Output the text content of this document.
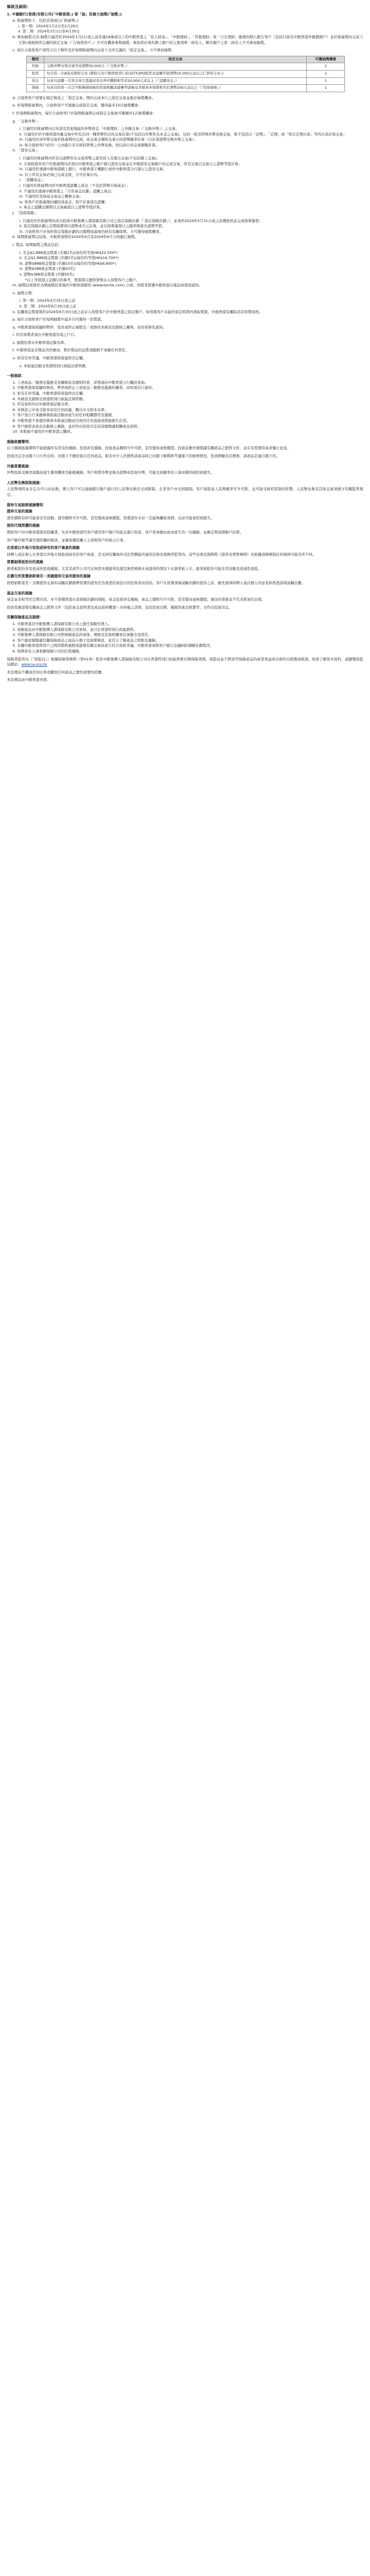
條款及細則：
1. 中國銀行(香港)有限公司(「中銀香港」) 智「能」投資大抽獎(「抽獎」)：
a. 推廣期如下，包括首尾兩日(「推廣期」)：
i. 第一期：2024年1月2日至2月29日
ii. 第二期：2024年3月1日至4月30日
b. 參加抽獎方法:抽獎只適用於2024年1月2日或之前年滿18歲或以上的中銀香港之「私人財富」、「中銀理財」、「智盈理財」或「自在理財」服務的個人銀行客戶（包括只持有中銀香港外匯寶賬戶）並於推廣期內完成下文第c項規則所定義的指定交易（「合資格客戶」）方可有機會參與抽獎；參加者必須為個人賬戶的主要或唯一持有人，聯名賬戶之第二持有人不可參加抽獎。
c. 每位合資格客戶須符合以下條件及於每期推廣期內完成下文所定義的「指定交易」，方可參加抽獎：
類別	指定交易	可獲抽獎機會
外匯	交換外幣每筆計達等值港幣50,000元（「交換外幣」）	1
股票	每完成一次A股或港股交易 (港股交易只限指股票) 或以ETF/IPO股票及認購等值港幣50,000元或以上(「證券交易」)	1
基金	每成功認購一次基金並且透過該基金淨申購額相等於50,000元或以上（「認購基金」）	1
保險	每成功投保一次合中銀集團保險的投資相關或儲蓄型壽險及各類基本保費相等於港幣200元或以上（「投保保險」）	1
d. 合資格客戶需要在規定條款之「指定交易」期內完成本行之指定交易並累計抽獎機會。
e. 於每期推廣期內，合資格客戶可透過完成指定交易，獲得最多10次抽獎機會；
f. 於每個推廣期內，每位合資格客戶於每個推廣期完成指定交易後可獲額外1次抽獎機會；
g. 「交換外幣」：
i. 只適用於推廣期內以本港及其他地區的外幣資金「中銀理財」之外匯交易（「交換外幣」）之交易；
ii. 只適用於於中銀香港外匯交易中所有以同一種貨幣作出的交易計算(不包括以外幣作為本金之交易)，包括一般及特殊外幣兌換交易，惟不包括以「活期」、「定期」或「特定定期存款」等的存款計算交易；
iii. 只適用於該外幣交易於推廣期內完成，而交易金額按交易日的港幣匯率計算（只計算港幣兌換外幣之交易）；
iv. 如合資格客戶於同一天內進行多次相同貨幣之外幣兌換，則以該日的交易總額計算。
h. 「證券交易」：
i. 只適用於推廣期內所有以港幣作為交易貨幣之證券買入及賣出交易(不包括網上交易)；
ii. 合資格證券客戶於推廣期內必須以中銀香港之賬戶進行證券交易並在中銀證券交易賬戶內完成交易，所有交易以交易日之港幣等值計算；
iii. 只適用於透過中銀香港網上銀行、中銀香港手機銀行或於中銀香港分行進行之證券交易；
iv. 以上所有交易必須已完成交收，方可計算在內。
i. 「認購基金」：
i. 只適用於推廣期內於中銀香港認購之基金（不包括貨幣市場基金）；
ii. 不適用於透過中銀香港之「月供基金計劃」認購之基金；
iii. 不適用於其他基金產品之轉換交易；
iv. 如客戶於推廣期內贖回該基金，則不計算該次認購；
v. 基金之認購金額將以交易確認日之港幣等值計算。
j. 「投保保險」：
i. 只適用於於推廣期內成功投保中銀集團人壽保險有限公司之指定保險計劃（「指定保險計劃」），並須於2024年5月31日或之前獲批核並完成保單簽發；
ii. 指定保險計劃之首期保費須以港幣或美元計算，並以保單簽發日之匯率換算為港幣等值；
iii. 合資格客戶必須於指定保險計劃的冷靜期屆滿後仍持有有關保單，方可獲得抽獎機會。
k. 每期推廣期完結後，中銀香港將於2024年4月及2024年6月分別進行抽獎。
l. 獎品: 每期抽獎之獎品包括：
i. 美金$2,888現金獎賞 (名額1名)(每份約等值HK$22,500*)
ii. 美金$1,888現金獎賞 (名額5名)(每份約等值HK$14,700*)
iii. 港幣$888現金獎賞 (名額10名)(每份約等值HK$6,800*)
iv. 港幣$588現金獎賞 (名額20名)
v. 港幣$388現金獎賞 (名額50名)
*以上等值港元金額只供參考，獎賞將以實際貨幣存入得獎客戶之賬戶。
m. 抽獎結果將於各期抽獎結束後於中銀香港網頁 (www.bochk.com) 公佈，得獎者將獲中銀香港以電話或書面通知。
n. 抽獎日期：
i. 第一期：2024年4月30日或之前
ii. 第二期：2024年6月30日或之前
o. 有關現金獎賞將於2024年6月30日或之前存入得獎客戶於中銀香港之指定賬戶。如得獎客戶未能於指定時間內領取獎賞，中銀香港有權取消其得獎資格。
p. 每位合資格客戶於每期抽獎中最多只可獲得一份獎賞。
q. 中銀香港保留隨時暫停、更改或終止抽獎及／或修改本條款及細則之權利，而毋須事先通知。
r. 所有得獎者須在中銀香港有效之戶口。
s. 抽獎結果以中銀香港記錄為準。
t. 中銀香港並非獎品的供應商，對於獎品的品質或服務不承擔任何責任。
u. 如有任何爭議，中銀香港保留最終決定權。
v. 本推廣活動受香港特別行政區法律管轄。
一般條款：
1. 上述產品／服務及優惠受有關條款及細則約束，詳情請向中銀香港分行職員查詢。
2. 中銀香港保留隨時修改、暫停或終止上述產品／服務及優惠的權利，而毋須另行通知。
3. 如有任何爭議，中銀香港保留最終決定權。
4. 本條款及細則受香港特別行政區法律管轄。
5. 所有資料均以中銀香港記錄為準。
6. 本條款之中英文版本如有任何歧義，概以中文版本為準。
7. 客戶需自行承擔參與推廣活動而產生的任何相關費用及風險。
8. 中銀香港不會就因參與本推廣活動而引致的任何直接或間接損失負責。
9. 客戶應留意產品及服務之風險，並於作出投資決定前詳細閱讀相關產品資料。
10. 本推廣不適用於中銀香港之職員。
風險披露聲明：
以下風險披露聲明不能披露所有涉及的風險。投資涉及風險，投資產品價格可升可跌，甚至變成毫無價值。投資前應仔細閱讀有關產品之銷售文件，並在有需要時尋求獨立意見。
投資決定是由閣下自行作出的，但閣下不應投資在任何產品，除非中介人於銷售該產品時已向閣下解釋經考慮閣下的財務情況、投資經驗及目標後，該產品是適合閣下的。
外匯買賣風險：
外幣投資受匯率波動而產生獲利機會及虧損風險。客戶如將外幣兌換為港幣或其他外幣，可能受到匯率的上落而獲利或招致損失。
人民幣兌換限制風險：
人民幣現時並非完全可自由兌換，個人客戶可以通過銀行賬戶進行的人民幣兌換是受到限制，企業客戶亦受到限制。客戶須留意人民幣匯率可升可跌，並可能受政府管制的影響。人民幣兌換及其他交易須遵守有關監管規定。
證券交易服務風險聲明
證券交易的風險
證券價格有時可能會非常波動。證券價格可升可跌，甚至變成毫無價值。買賣證券未必一定能夠賺取利潤，反而可能會招致損失。
提供代理授權的風險
假如客戶向中銀香港提供授權書，允許中銀香港代客戶使用客戶賬戶的資金進行投資，客戶需承擔由此而產生的一切風險，並應定期查閱賬戶結單。
客戶應仔細考慮代理授權的條款，並確保獲授權人士按照客戶的指示行事。
在香港以外地方收取或持有的客戶資產的風險
持牌人或註冊人在香港以外地方收取或持有的客戶資產，是受到有關海外司法管轄區的適用法律及規例所監管的。這些法律及規例與《證券及期貨條例》及根據該條例制訂的規則可能有所不同。
買賣創業板股份的風險
創業板股份涉及很高的投資風險。尤其是該等公司可在無需具備盈利往績及無需預測未來盈利的情況下在創業板上市。創業板股份可能非常波動及流通性很低。
在聯交所買賣納斯達克－美國證券交易所證券的風險
按照納斯達克－美國證券交易所試驗計劃掛牌買賣的證券是為熟悉投資技巧的投資者而設的。客戶在買賣該項試驗計劃的證券之前，應先諮詢持牌人或註冊人的意見和熟悉該項試驗計劃。
基金交易的風險
基金並非相等於定期存款，亦不會獲香港存款保障計劃的保障。基金投資涉及風險，基金之價格可升可跌，甚至變成毫無價值。過往的業績並不代表將來的表現。
投資者應詳閱有關基金之銷售文件（包括基金說明書及產品資料概要）內所載之詳情，包括投資目標、風險因素及收費等，方作出投資決定。
有關保險產品及服務：
1. 中銀香港是中銀集團人壽保險有限公司之委任保險代理人。
2. 保險產品由中銀集團人壽保險有限公司承保，並只在香港特別行政區銷售。
3. 中銀集團人壽保險有限公司對保險產品的承保、理賠及其他相關事宜承擔全部責任。
4. 客戶應詳細閱讀有關保險產品之產品小冊子及保單條款，並充分了解產品之特點及風險。
5. 有關中銀香港與客戶之間因銷售過程或處理有關交易而產生的合資格爭議，中銀香港須與客戶進行金融糾紛調解計劃程序。
6. 保單持有人須承擔保險公司的信貸風險。
保險業監管局（「保監局」）根據保險業條例（第41章）批准中銀集團人壽保險有限公司在香港特別行政區經營長期保險業務。保監局並不對該等保險產品的商業利益或表現作出推薦或保證。如欲了解更多資料，請瀏覽保監局網站：www.ia.org.hk
本宣傳品不構成任何出售或購買任何產品之要約或要約招攬。
本宣傳品由中銀香港刊發。
